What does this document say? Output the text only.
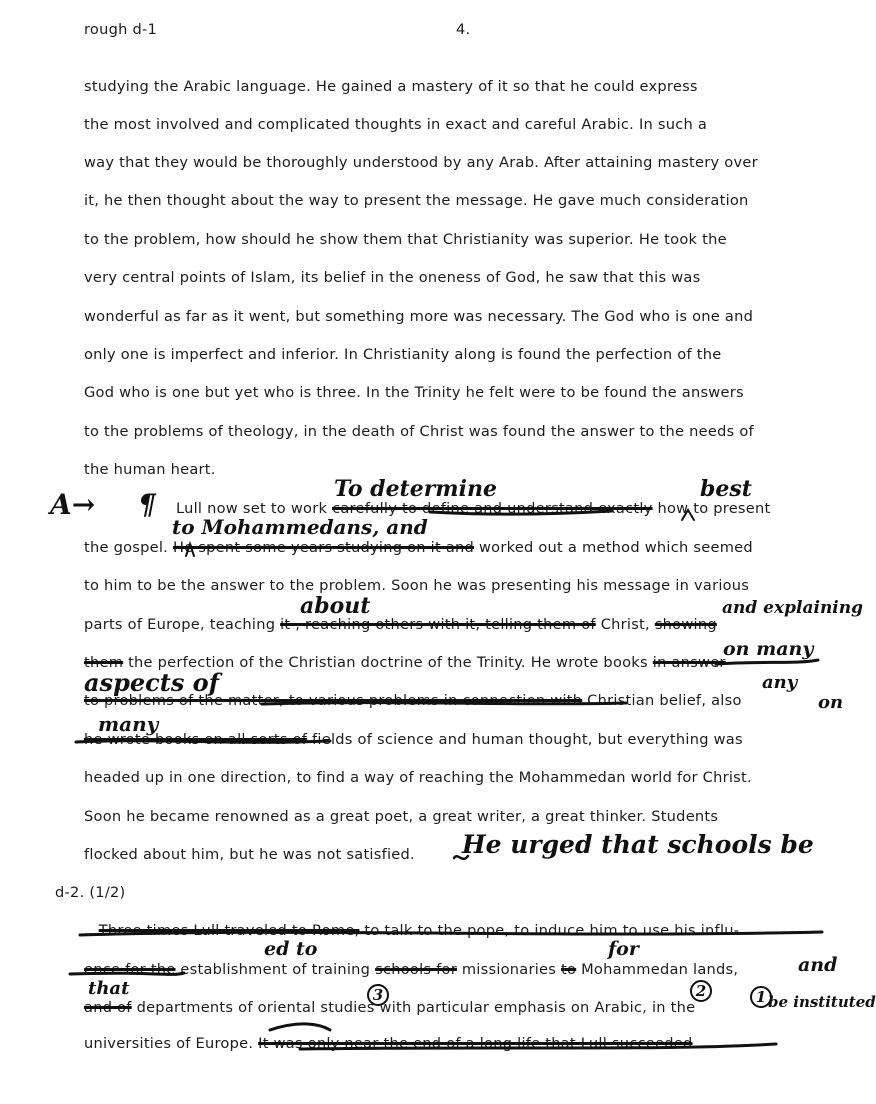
rough d-1	4.
studying the Arabic language. He gained a mastery of it so that he could express
the most involved and complicated thoughts in exact and careful Arabic. In such a
way that they would be thoroughly understood by any Arab. After attaining mastery over
it, he then thought about the way to present the message. He gave much consideration
to the problem, how should he show them that Christianity was superior. He took the
very central points of Islam, its belief in the oneness of God, he saw that this was
wonderful as far as it went, but something more was necessary. The God who is one and
only one is imperfect and inferior. In Christianity along is found the perfection of the
God who is one but yet who is three. In the Trinity he felt were to be found the answers
to the problems of theology, in the death of Christ was found the answer to the needs of
the human heart.
Lull now set to work carefully to define and understand exactly how to present
the gospel. He spent some years studying on it and worked out a method which seemed
to him to be the answer to the problem. Soon he was presenting his message in various
parts of Europe, teaching it , reaching others with it, telling them of Christ, showing
them the perfection of the Christian doctrine of the Trinity. He wrote books in answer
to problems of the matter, to various problems in connection with Christian belief, also
he wrote books on all sorts of fields of science and human thought, but everything was
headed up in one direction, to find a way of reaching the Mohammedan world for Christ.
Soon he became renowned as a great poet, a great writer, a great thinker. Students
flocked about him, but he was not satisfied.
d-2. (1/2)
...Three times Lull traveled to Rome, to talk to the pope, to induce him to use his influ-
ence for the establishment of training schools for missionaries to Mohammedan lands,
and of departments of oriental studies with particular emphasis on Arabic, in the
universities of Europe. It was only near the end of a long life that Lull succeeded
A→ ¶	To determine	best
to Mohammedans, and
about	and explaining
on many
aspects of	any
on
many
He urged that schools be
ed to	for
and
that
be instituted
3	2	1
